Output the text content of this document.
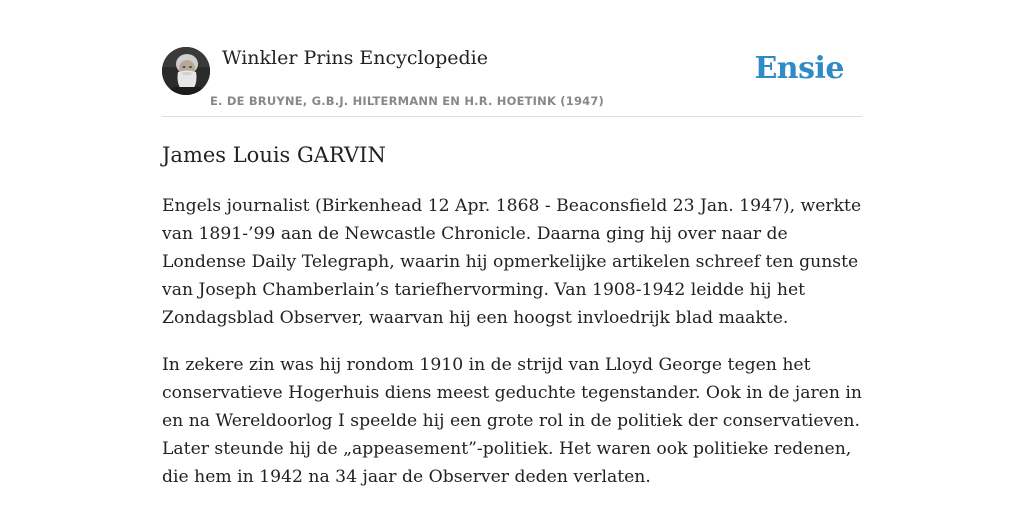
Winkler Prins Encyclopedie
E. DE BRUYNE, G.B.J. HILTERMANN EN H.R. HOETINK (1947)
Ensie
James Louis GARVIN

Engels journalist (Birkenhead 12 Apr. 1868 - Beaconsfield 23 Jan. 1947), werkte van 1891-’99 aan de Newcastle Chronicle. Daarna ging hij over naar de Londense Daily Telegraph, waarin hij opmerkelijke artikelen schreef ten gunste van Joseph Chamberlain’s tariefhervorming. Van 1908-1942 leidde hij het Zondagsblad Observer, waarvan hij een hoogst invloedrijk blad maakte.

In zekere zin was hij rondom 1910 in de strijd van Lloyd George tegen het conservatieve Hogerhuis diens meest geduchte tegenstander. Ook in de jaren in en na Wereldoorlog I speelde hij een grote rol in de politiek der conservatieven. Later steunde hij de „appeasement”-politiek. Het waren ook politieke redenen, die hem in 1942 na 34 jaar de Observer deden verlaten.
